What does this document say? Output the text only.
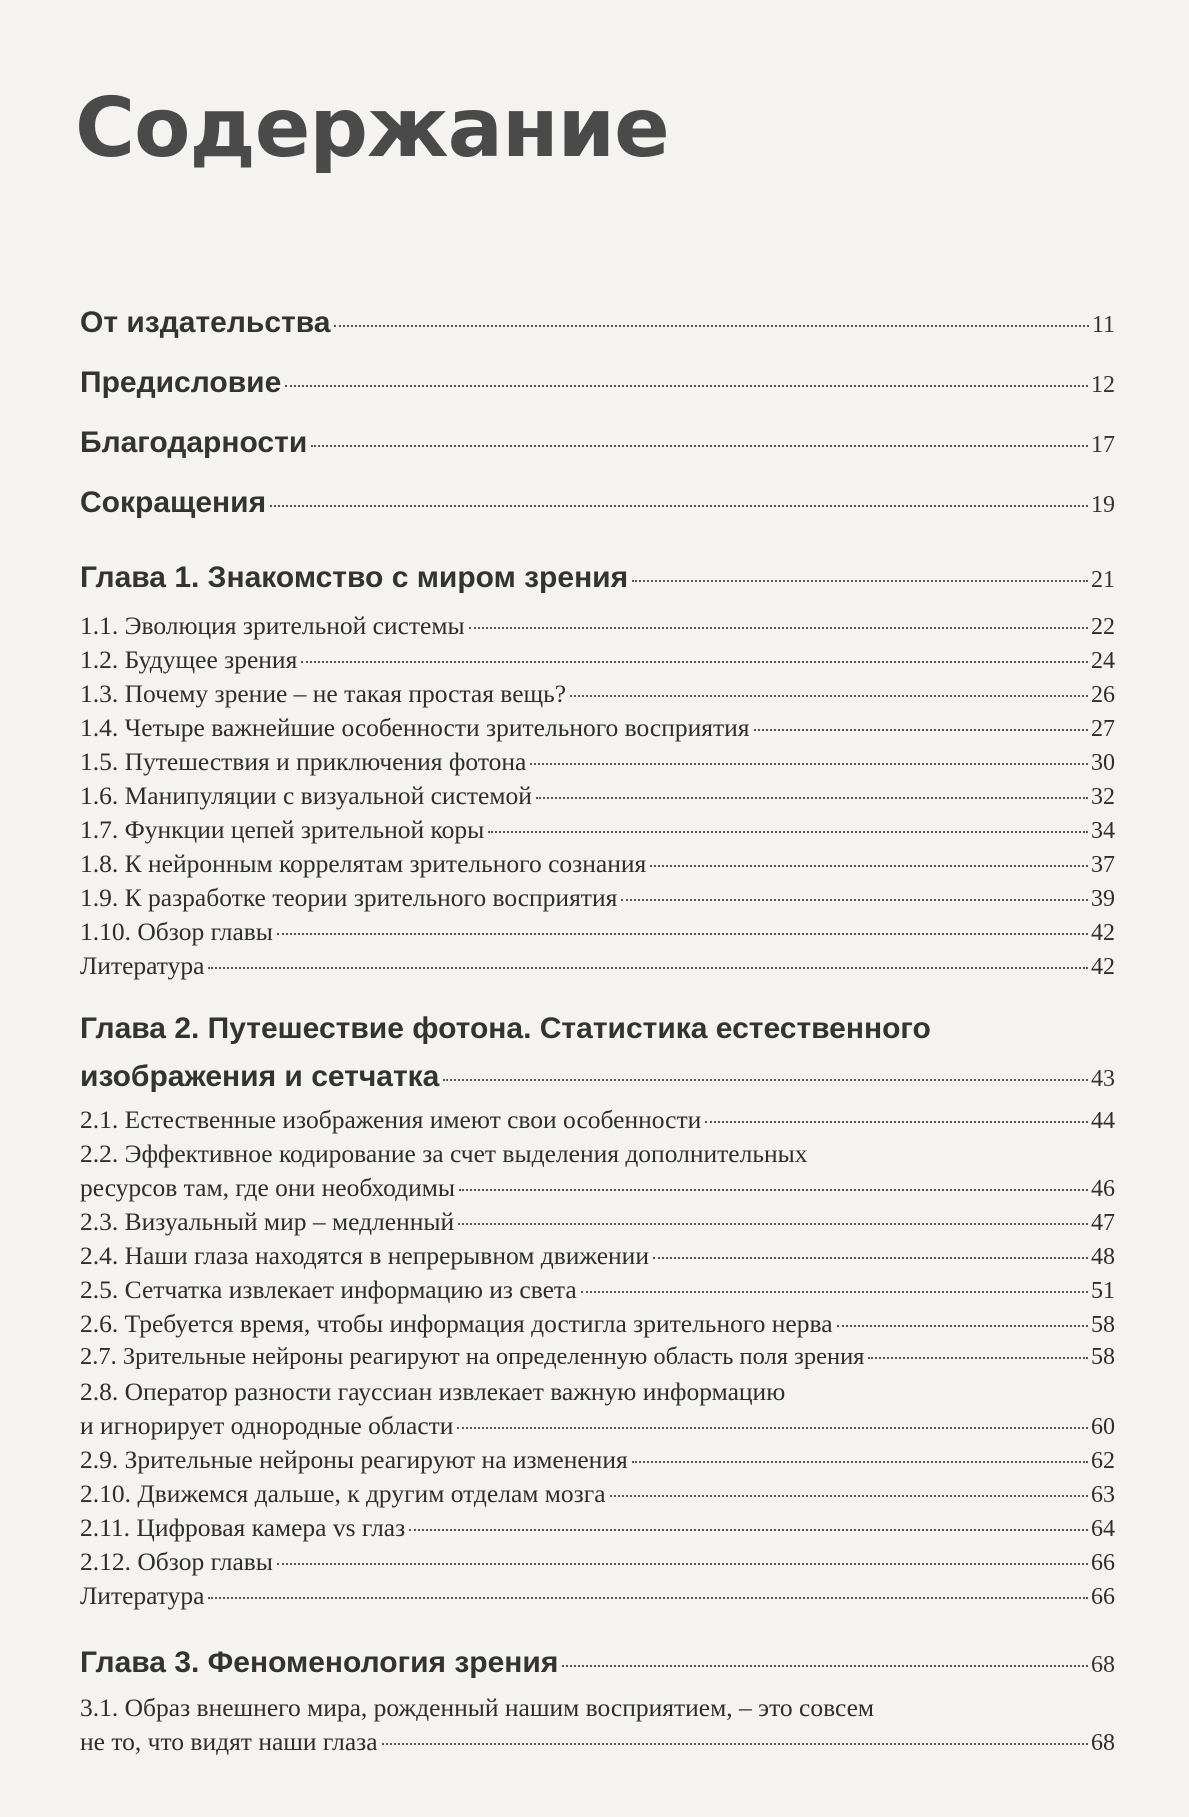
Содержание
От издательства	11
Предисловие	12
Благодарности	17
Сокращения	19
Глава 1. Знакомство с миром зрения	21
1.1. Эволюция зрительной системы	22
1.2. Будущее зрения	24
1.3. Почему зрение – не такая простая вещь?	26
1.4. Четыре важнейшие особенности зрительного восприятия	27
1.5. Путешествия и приключения фотона	30
1.6. Манипуляции с визуальной системой	32
1.7. Функции цепей зрительной коры	34
1.8. К нейронным коррелятам зрительного сознания	37
1.9. К разработке теории зрительного восприятия	39
1.10. Обзор главы	42
Литература	42
Глава 2. Путешествие фотона. Статистика естественного
изображения и сетчатка	43
2.1. Естественные изображения имеют свои особенности	44
2.2. Эффективное кодирование за счет выделения дополнительных
ресурсов там, где они необходимы	46
2.3. Визуальный мир – медленный	47
2.4. Наши глаза находятся в непрерывном движении	48
2.5. Сетчатка извлекает информацию из света	51
2.6. Требуется время, чтобы информация достигла зрительного нерва	58
2.7. Зрительные нейроны реагируют на определенную область поля зрения	58
2.8. Оператор разности гауссиан извлекает важную информацию
и игнорирует однородные области	60
2.9. Зрительные нейроны реагируют на изменения	62
2.10. Движемся дальше, к другим отделам мозга	63
2.11. Цифровая камера vs глаз	64
2.12. Обзор главы	66
Литература	66
Глава 3. Феноменология зрения	68
3.1. Образ внешнего мира, рожденный нашим восприятием, – это совсем
не то, что видят наши глаза	68
